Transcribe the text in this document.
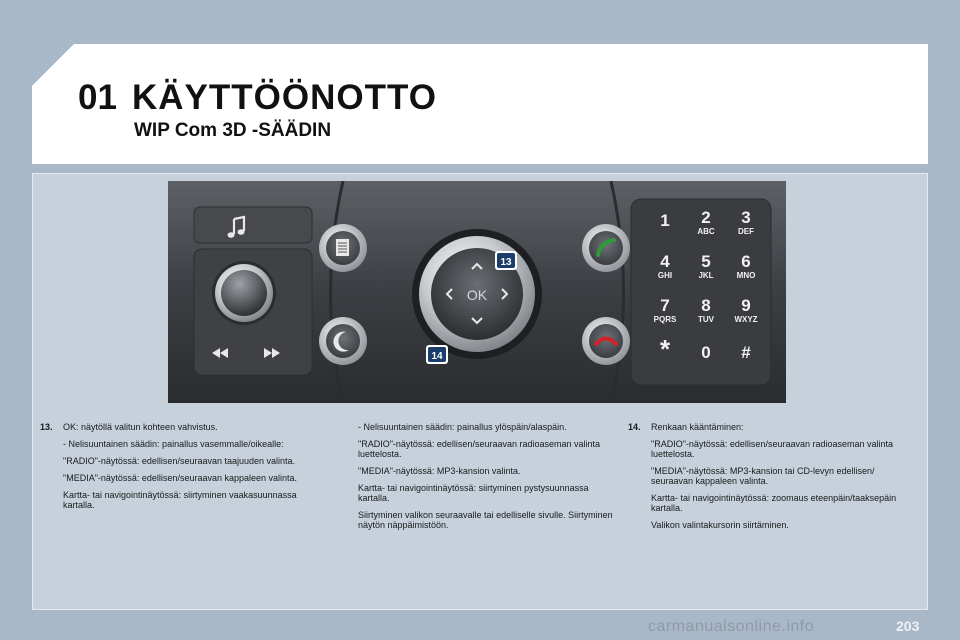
01 KÄYTTÖÖNOTTO
WIP Com 3D -SÄÄDIN
OK
13
14
1 2
ABC
3
DEF
4
GHI
5
JKL
6
MNO
7
PQRS
8
TUV
9
WXYZ
* 0 #
13. OK: näytöllä valitun kohteen vahvistus.

- Nelisuuntainen säädin: painallus vasemmalle/oikealle:

"RADIO"-näytössä: edellisen/seuraavan taajuuden valinta.

"MEDIA"-näytössä: edellisen/seuraavan kappaleen valinta.

Kartta- tai navigointinäytössä: siirtyminen vaakasuunnassa kartalla.

- Nelisuuntainen säädin: painallus ylöspäin/alaspäin.

"RADIO"-näytössä: edellisen/seuraavan radioaseman valinta luettelosta.

"MEDIA"-näytössä: MP3-kansion valinta.

Kartta- tai navigointinäytössä: siirtyminen pystysuunnassa kartalla.

Siirtyminen valikon seuraavalle tai edelliselle sivulle. Siirtyminen näytön näppäimistöön.

14. Renkaan kääntäminen:

"RADIO"-näytössä: edellisen/seuraavan radioaseman valinta luettelosta.

"MEDIA"-näytössä: MP3-kansion tai CD-levyn edellisen/ seuraavan kappaleen valinta.

Kartta- tai navigointinäytössä: zoomaus eteenpäin/taaksepäin kartalla.

Valikon valintakursorin siirtäminen.

carmanualsonline.info	203
